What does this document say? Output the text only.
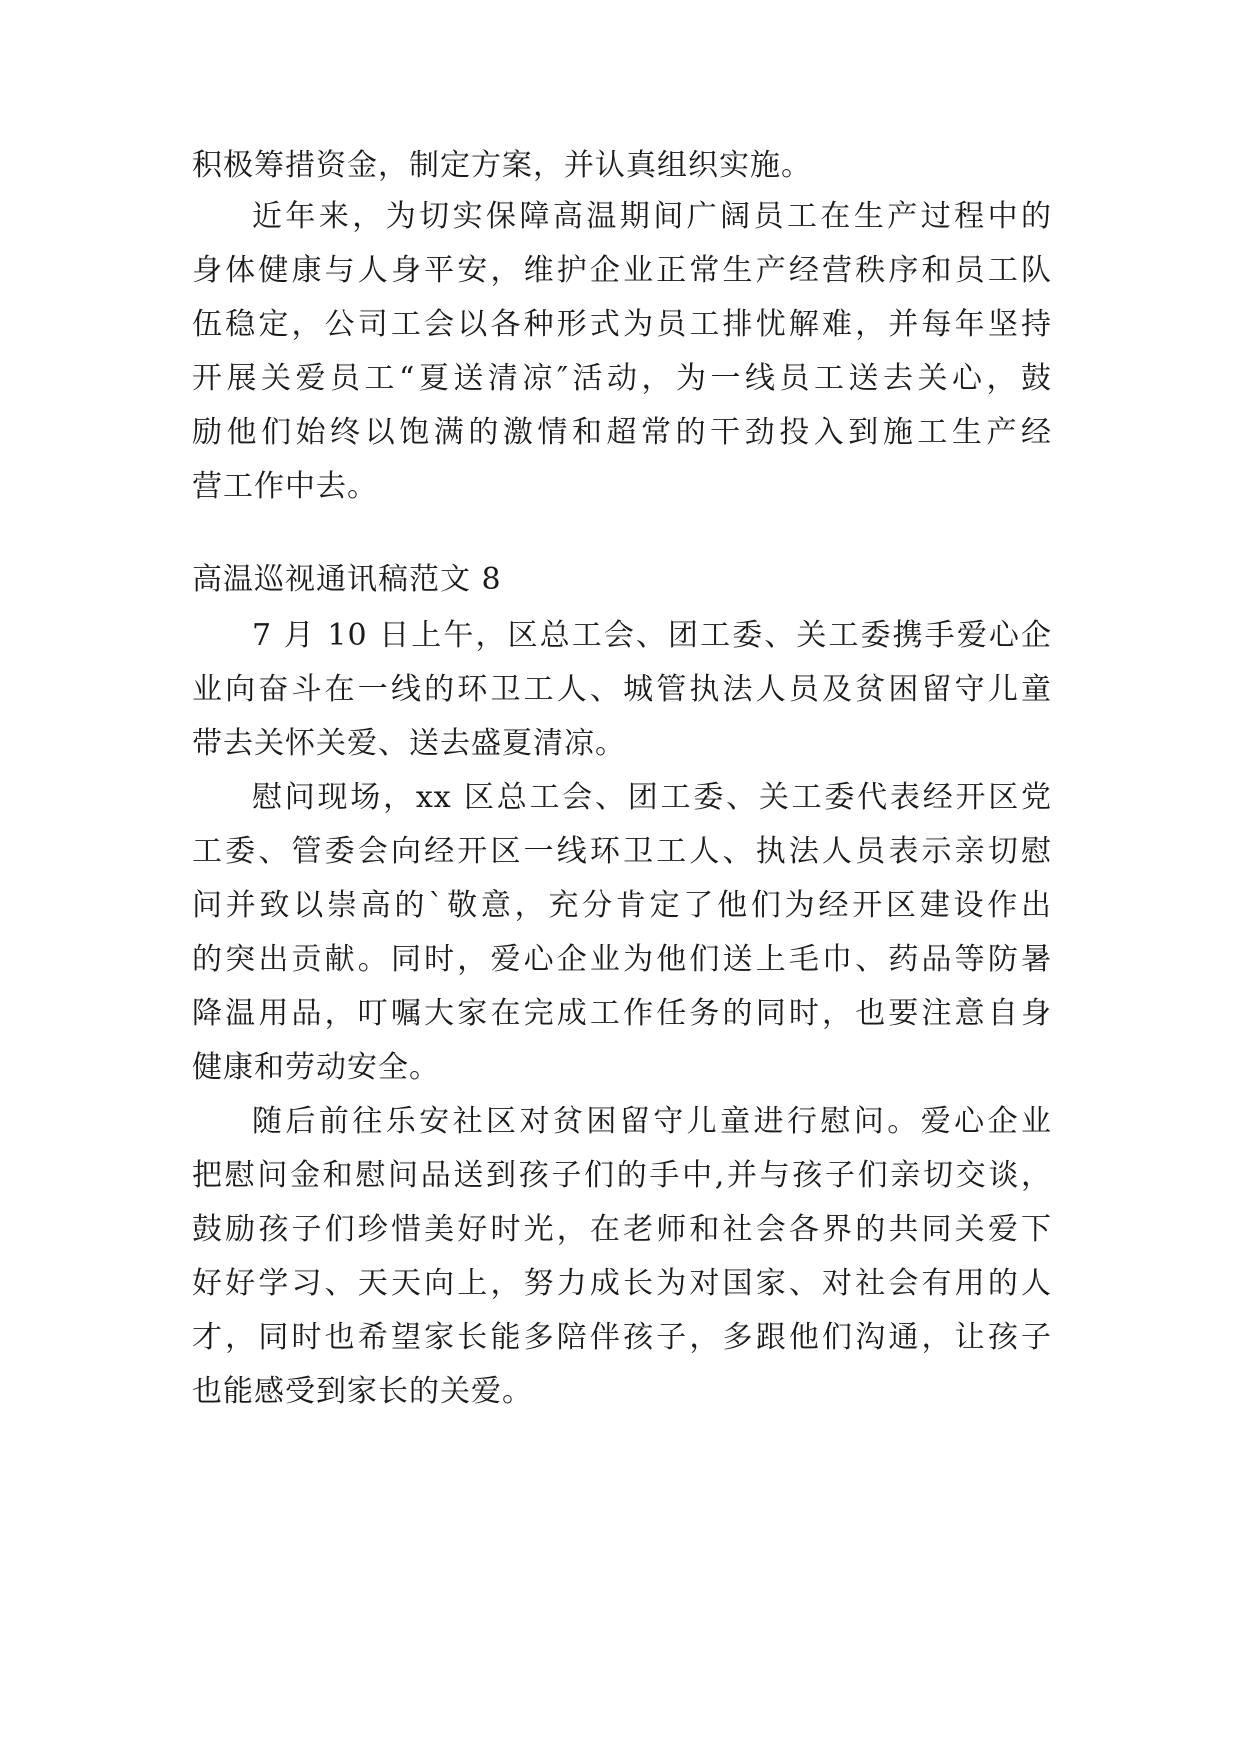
积极筹措资金，制定方案，并认真组织实施。
近年来，为切实保障高温期间广阔员工在生产过程中的
身体健康与人身平安，维护企业正常生产经营秩序和员工队
伍稳定，公司工会以各种形式为员工排忧解难，并每年坚持
开展关爱员工“夏送清凉″活动，为一线员工送去关心，鼓
励他们始终以饱满的激情和超常的干劲投入到施工生产经
营工作中去。
高温巡视通讯稿范文 8
7 月 10 日上午，区总工会、团工委、关工委携手爱心企
业向奋斗在一线的环卫工人、城管执法人员及贫困留守儿童
带去关怀关爱、送去盛夏清凉。
慰问现场，xx 区总工会、团工委、关工委代表经开区党
工委、管委会向经开区一线环卫工人、执法人员表示亲切慰
问并致以崇高的`敬意，充分肯定了他们为经开区建设作出
的突出贡献。同时，爱心企业为他们送上毛巾、药品等防暑
降温用品，叮嘱大家在完成工作任务的同时，也要注意自身
健康和劳动安全。
随后前往乐安社区对贫困留守儿童进行慰问。爱心企业
把慰问金和慰问品送到孩子们的手中,并与孩子们亲切交谈，
鼓励孩子们珍惜美好时光，在老师和社会各界的共同关爱下
好好学习、天天向上，努力成长为对国家、对社会有用的人
才，同时也希望家长能多陪伴孩子，多跟他们沟通，让孩子
也能感受到家长的关爱。
